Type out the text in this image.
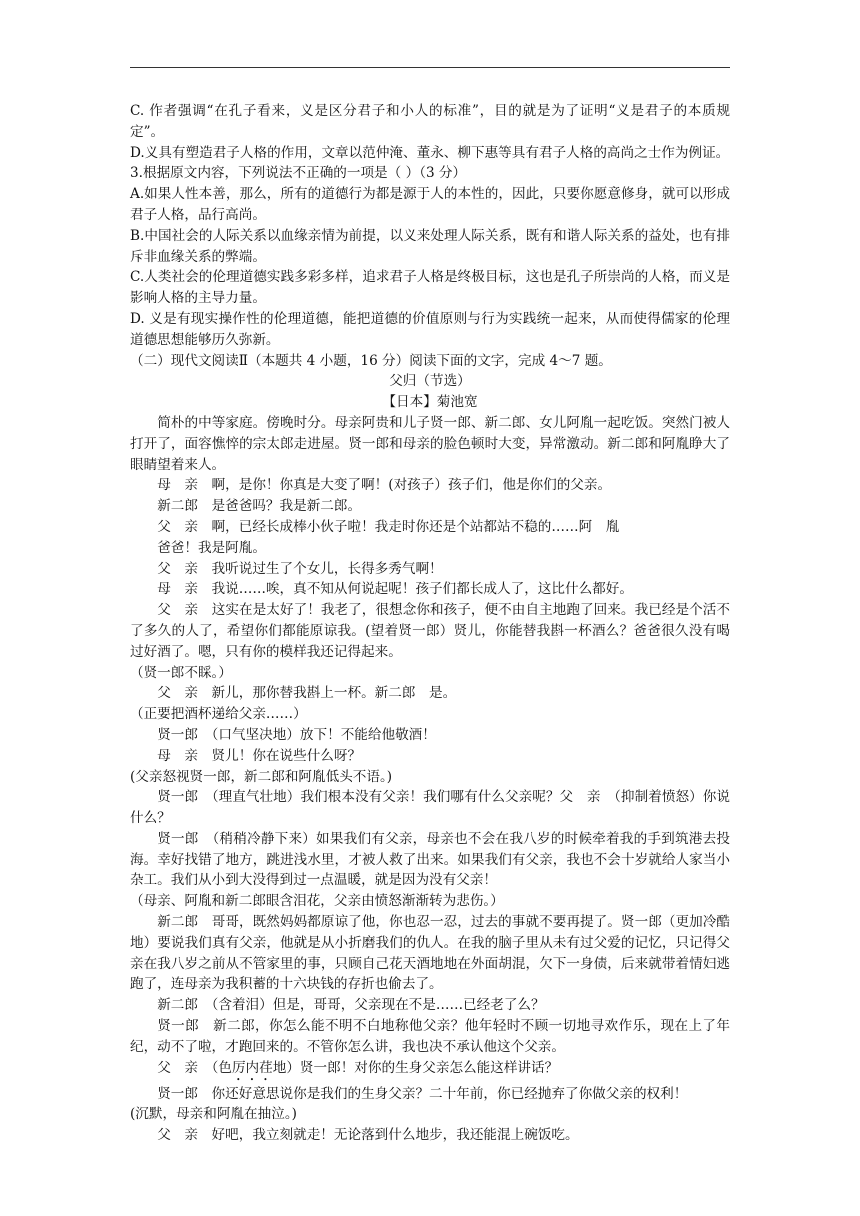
C. 作者强调“在孔子看来，义是区分君子和小人的标准”，目的就是为了证明“义是君子的本质规定”。

D.义具有塑造君子人格的作用，文章以范仲淹、董永、柳下惠等具有君子人格的高尚之士作为例证。

3.根据原文内容，下列说法不正确的一项是（ ）（3 分）

A.如果人性本善，那么，所有的道德行为都是源于人的本性的，因此，只要你愿意修身，就可以形成君子人格，品行高尚。

B.中国社会的人际关系以血缘亲情为前提，以义来处理人际关系，既有和谐人际关系的益处，也有排斥非血缘关系的弊端。

C.人类社会的伦理道德实践多彩多样，追求君子人格是终极目标，这也是孔子所崇尚的人格，而义是影响人格的主导力量。

D. 义是有现实操作性的伦理道德，能把道德的价值原则与行为实践统一起来，从而使得儒家的伦理道德思想能够历久弥新。

（二）现代文阅读Ⅱ（本题共 4 小题，16 分）阅读下面的文字，完成 4～7 题。

父归（节选）

【日本】菊池宽

简朴的中等家庭。傍晚时分。母亲阿贵和儿子贤一郎、新二郎、女儿阿胤一起吃饭。突然门被人打开了，面容憔悴的宗太郎走进屋。贤一郎和母亲的脸色顿时大变，异常激动。新二郎和阿胤睁大了眼睛望着来人。

母　亲　啊，是你！你真是大变了啊！(对孩子）孩子们，他是你们的父亲。

新二郎　是爸爸吗？我是新二郎。

父　亲　啊，已经长成棒小伙子啦！我走时你还是个站都站不稳的……阿　胤

爸爸！我是阿胤。

父　亲　我听说过生了个女儿，长得多秀气啊！

母　亲　我说……唉，真不知从何说起呢！孩子们都长成人了，这比什么都好。

父　亲　这实在是太好了！我老了，很想念你和孩子，便不由自主地跑了回来。我已经是个活不了多久的人了，希望你们都能原谅我。(望着贤一郎）贤儿，你能替我斟一杯酒么？爸爸很久没有喝过好酒了。嗯，只有你的模样我还记得起来。

（贤一郎不睬。）

父　亲　新儿，那你替我斟上一杯。新二郎　是。

（正要把酒杯递给父亲……）

贤一郎　（口气坚决地）放下！不能给他敬酒！

母　亲　贤儿！你在说些什么呀？

(父亲怒视贤一郎，新二郎和阿胤低头不语。)

贤一郎　（理直气壮地）我们根本没有父亲！我们哪有什么父亲呢？父　亲　（抑制着愤怒）你说什么？

贤一郎　（稍稍冷静下来）如果我们有父亲，母亲也不会在我八岁的时候牵着我的手到筑港去投海。幸好找错了地方，跳进浅水里，才被人救了出来。如果我们有父亲，我也不会十岁就给人家当小杂工。我们从小到大没得到过一点温暖，就是因为没有父亲！

（母亲、阿胤和新二郎眼含泪花，父亲由愤怒渐渐转为悲伤。）

新二郎　哥哥，既然妈妈都原谅了他，你也忍一忍，过去的事就不要再提了。贤一郎（更加冷酷地）要说我们真有父亲，他就是从小折磨我们的仇人。在我的脑子里从未有过父爱的记忆，只记得父亲在我八岁之前从不管家里的事，只顾自己花天酒地地在外面胡混，欠下一身债，后来就带着情妇逃跑了，连母亲为我积蓄的十六块钱的存折也偷去了。

新二郎　（含着泪）但是，哥哥，父亲现在不是……已经老了么？

贤一郎　新二郎，你怎么能不明不白地称他父亲？他年轻时不顾一切地寻欢作乐，现在上了年纪，动不了啦，才跑回来的。不管你怎么讲，我也决不承认他这个父亲。

父　亲　（色厉内荏地）贤一郎！对你的生身父亲怎么能这样讲话？

贤一郎　你还好意思说你是我们的生身父亲？二十年前，你已经抛弃了你做父亲的权利！

(沉默，母亲和阿胤在抽泣。)

父　亲　好吧，我立刻就走！无论落到什么地步，我还能混上碗饭吃。
